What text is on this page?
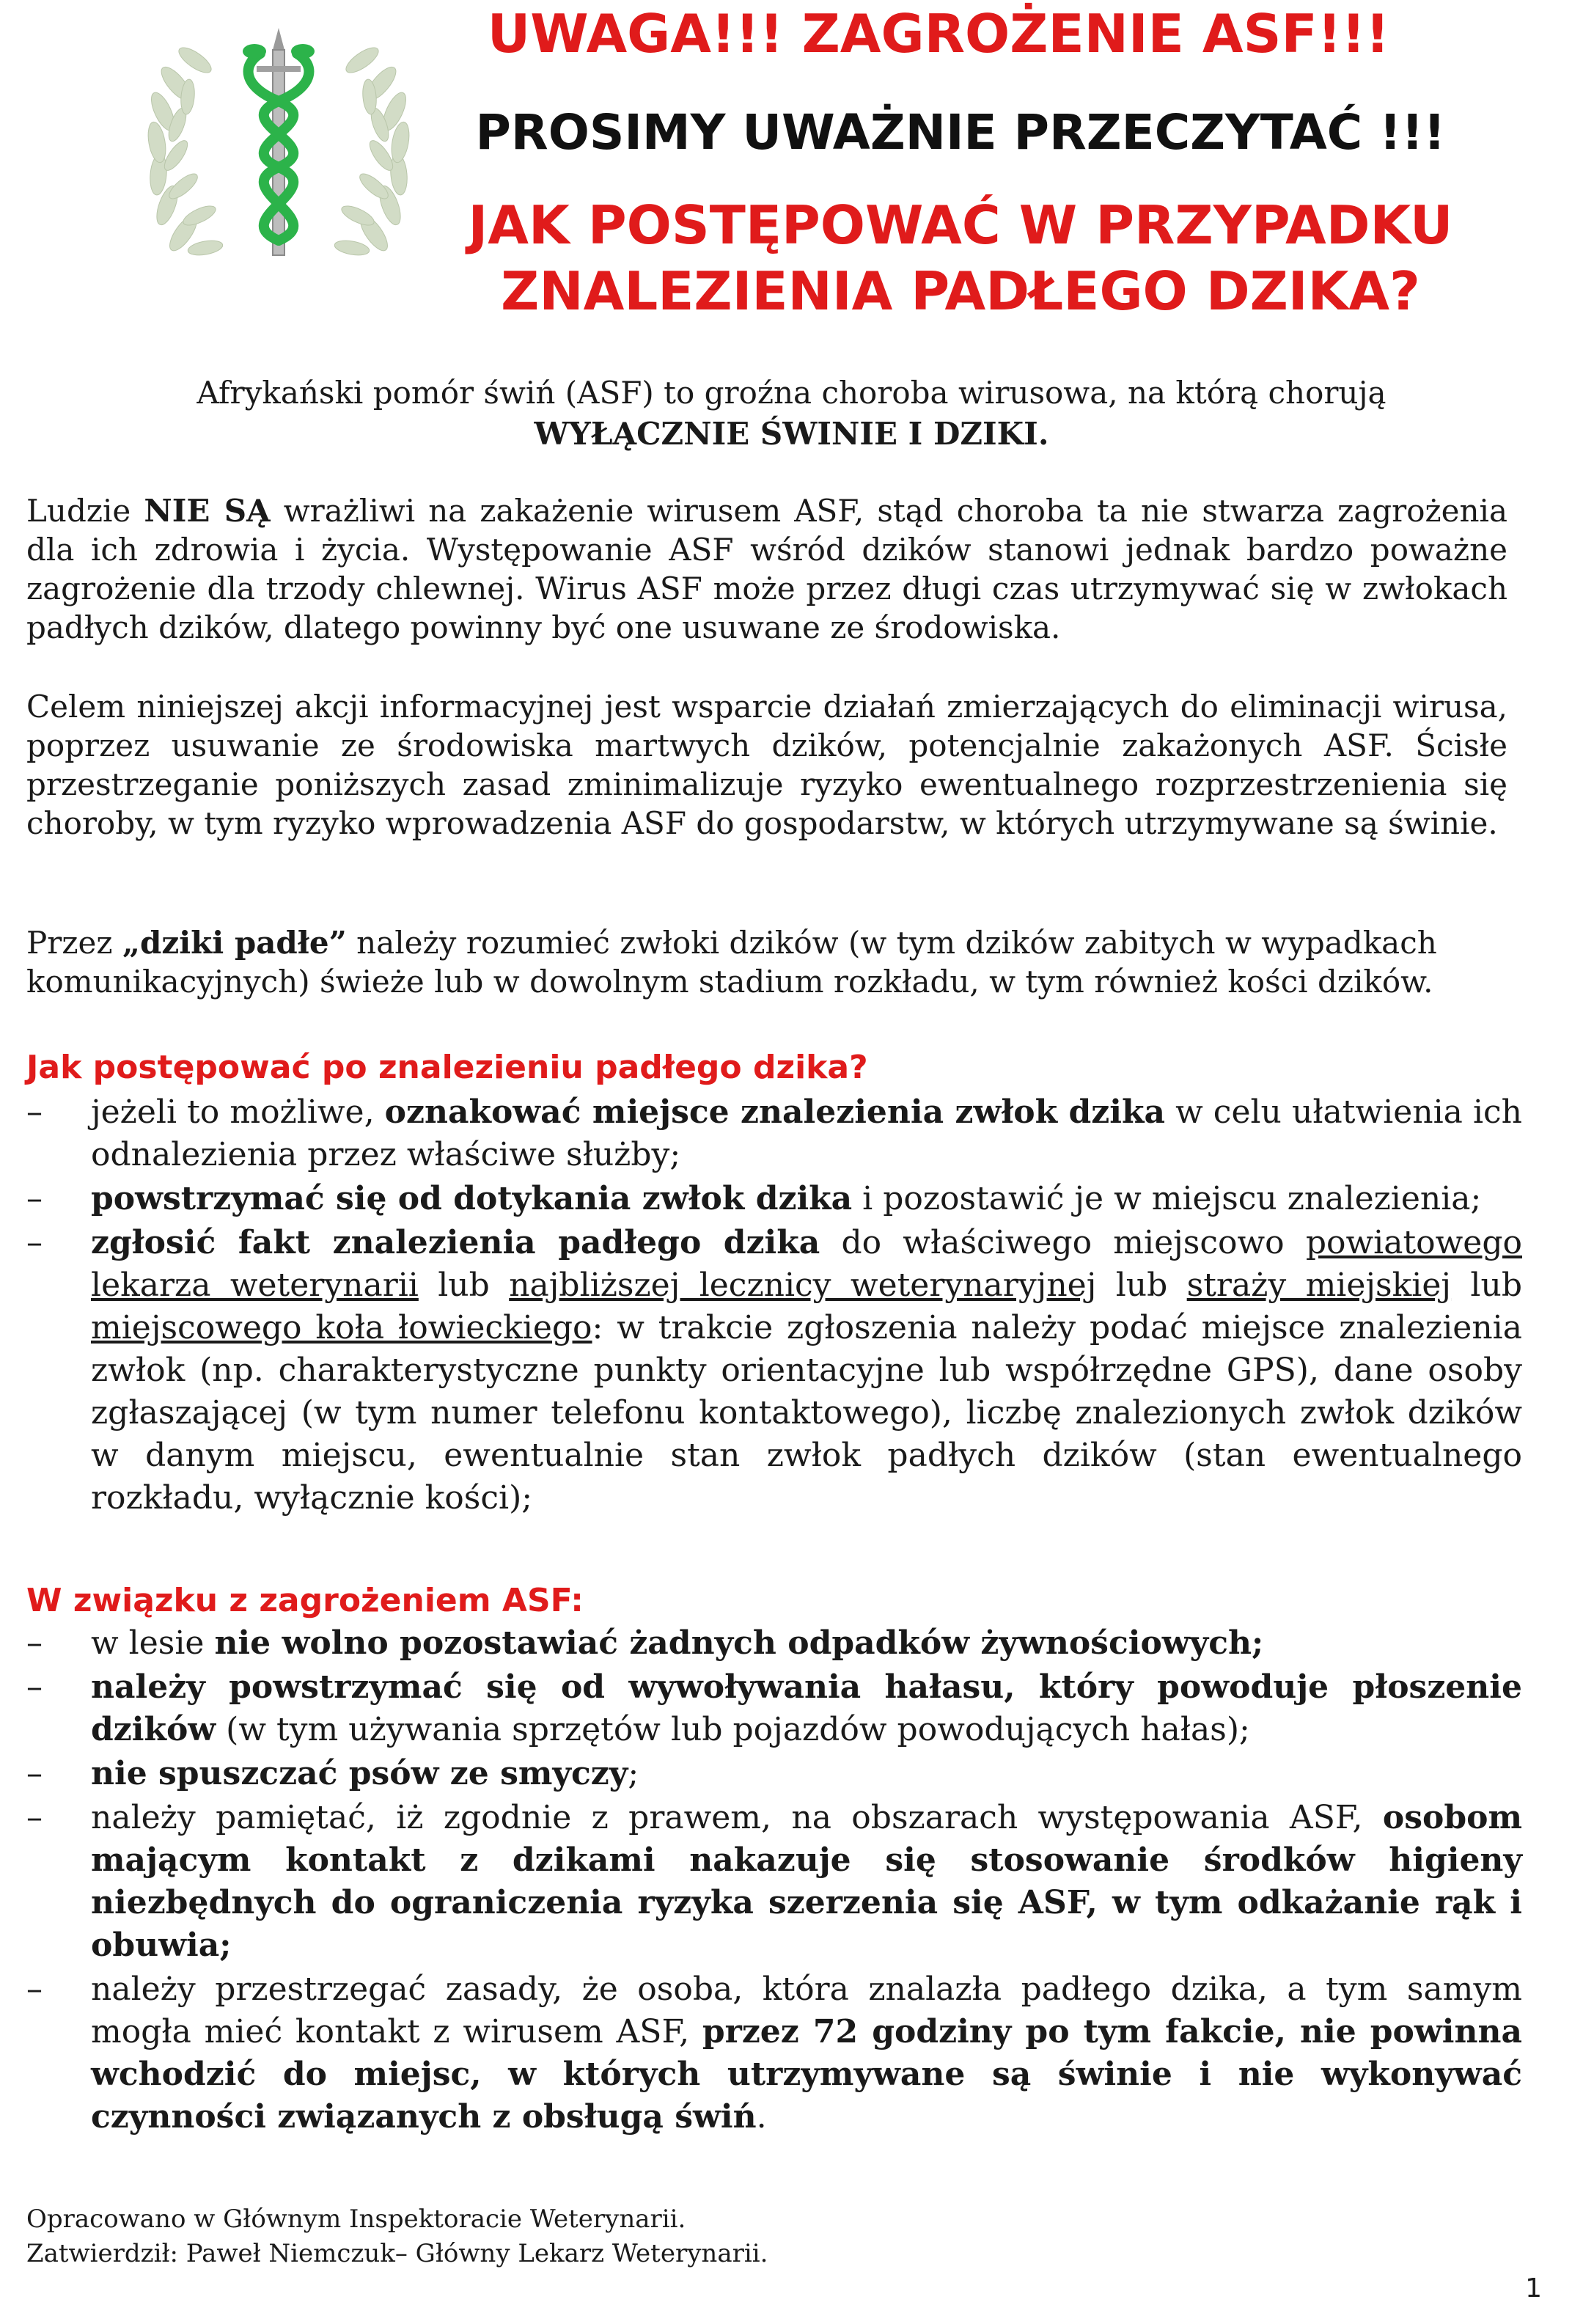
UWAGA!!! ZAGROŻENIE ASF!!!
PROSIMY UWAŻNIE PRZECZYTAĆ !!!
JAK POSTĘPOWAĆ W PRZYPADKU
ZNALEZIENIA PADŁEGO DZIKA?
Afrykański pomór świń (ASF) to groźna choroba wirusowa, na którą chorują
WYŁĄCZNIE ŚWINIE I DZIKI.

Ludzie NIE SĄ wrażliwi na zakażenie wirusem ASF, stąd choroba ta nie stwarza zagrożenia dla ich zdrowia i życia. Występowanie ASF wśród dzików stanowi jednak bardzo poważne zagrożenie dla trzody chlewnej. Wirus ASF może przez długi czas utrzymywać się w zwłokach padłych dzików, dlatego powinny być one usuwane ze środowiska.

Celem niniejszej akcji informacyjnej jest wsparcie działań zmierzających do eliminacji wirusa, poprzez usuwanie ze środowiska martwych dzików, potencjalnie zakażonych ASF. Ścisłe przestrzeganie poniższych zasad zminimalizuje ryzyko ewentualnego rozprzestrzenienia się choroby, w tym ryzyko wprowadzenia ASF do gospodarstw, w których utrzymywane są świnie.

Przez „dziki padłe” należy rozumieć zwłoki dzików (w tym dzików zabitych w wypadkach komunikacyjnych) świeże lub w dowolnym stadium rozkładu, w tym również kości dzików.

Jak postępować po znalezieniu padłego dzika?
–	jeżeli to możliwe, oznakować miejsce znalezienia zwłok dzika w celu ułatwienia ich odnalezienia przez właściwe służby;
–	powstrzymać się od dotykania zwłok dzika i pozostawić je w miejscu znalezienia;
–	zgłosić fakt znalezienia padłego dzika do właściwego miejscowo powiatowego lekarza weterynarii lub najbliższej lecznicy weterynaryjnej lub straży miejskiej lub miejscowego koła łowieckiego: w trakcie zgłoszenia należy podać miejsce znalezienia zwłok (np. charakterystyczne punkty orientacyjne lub współrzędne GPS), dane osoby zgłaszającej (w tym numer telefonu kontaktowego), liczbę znalezionych zwłok dzików w danym miejscu, ewentualnie stan zwłok padłych dzików (stan ewentualnego rozkładu, wyłącznie kości);
W związku z zagrożeniem ASF:
–	w lesie nie wolno pozostawiać żadnych odpadków żywnościowych;
–	należy powstrzymać się od wywoływania hałasu, który powoduje płoszenie dzików (w tym używania sprzętów lub pojazdów powodujących hałas);
–	nie spuszczać psów ze smyczy;
–	należy pamiętać, iż zgodnie z prawem, na obszarach występowania ASF, osobom mającym kontakt z dzikami nakazuje się stosowanie środków higieny niezbędnych do ograniczenia ryzyka szerzenia się ASF, w tym odkażanie rąk i obuwia;
–	należy przestrzegać zasady, że osoba, która znalazła padłego dzika, a tym samym mogła mieć kontakt z wirusem ASF, przez 72 godziny po tym fakcie, nie powinna wchodzić do miejsc, w których utrzymywane są świnie i nie wykonywać czynności związanych z obsługą świń.

Opracowano w Głównym Inspektoracie Weterynarii.

Zatwierdził: Paweł Niemczuk– Główny Lekarz Weterynarii.

1
